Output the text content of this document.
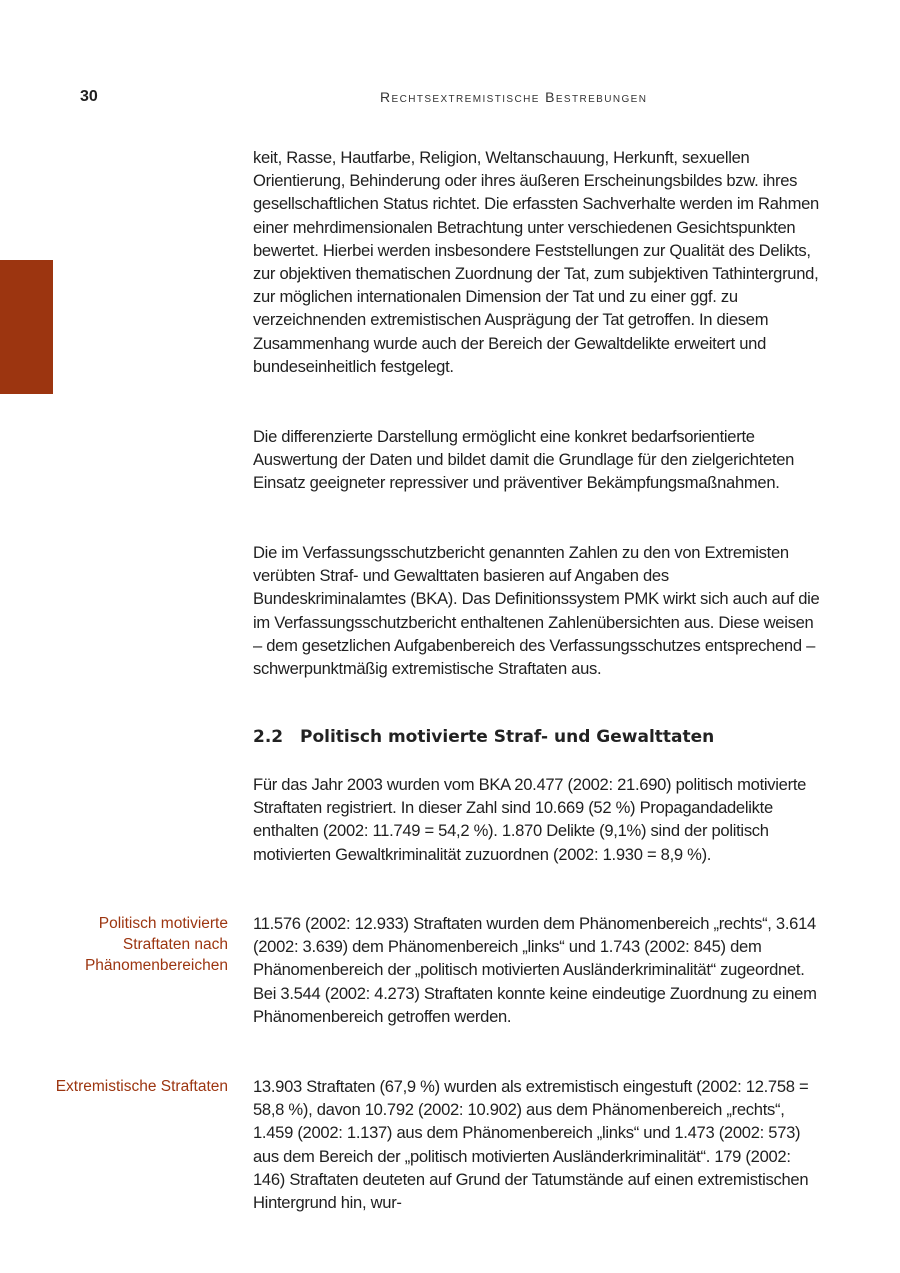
30	Rechtsextremistische Bestrebungen

keit, Rasse, Hautfarbe, Religion, Weltanschauung, Herkunft, sexuellen Orientierung, Behinderung oder ihres äußeren Erscheinungsbildes bzw. ihres gesellschaftlichen Status richtet. Die erfassten Sachverhalte werden im Rahmen einer mehrdimensionalen Betrachtung unter verschiedenen Gesichtspunkten bewertet. Hierbei werden insbesondere Feststellungen zur Qualität des Delikts, zur objektiven thematischen Zuordnung der Tat, zum subjektiven Tathintergrund, zur möglichen internationalen Dimension der Tat und zu einer ggf. zu verzeichnenden extremistischen Ausprägung der Tat getroffen. In diesem Zusammenhang wurde auch der Bereich der Gewaltdelikte erweitert und bundeseinheitlich festgelegt.

Die differenzierte Darstellung ermöglicht eine konkret bedarfsorientierte Auswertung der Daten und bildet damit die Grundlage für den zielgerichteten Einsatz geeigneter repressiver und präventiver Bekämpfungsmaßnahmen.

Die im Verfassungsschutzbericht genannten Zahlen zu den von Extremisten verübten Straf- und Gewalttaten basieren auf Angaben des Bundeskriminalamtes (BKA). Das Definitionssystem PMK wirkt sich auch auf die im Verfassungsschutzbericht enthaltenen Zahlenübersichten aus. Diese weisen – dem gesetzlichen Aufgabenbereich des Verfassungsschutzes entsprechend – schwerpunktmäßig extremistische Straftaten aus.

2.2 Politisch motivierte Straf- und Gewalttaten

Für das Jahr 2003 wurden vom BKA 20.477 (2002: 21.690) politisch motivierte Straftaten registriert. In dieser Zahl sind 10.669 (52 %) Propagandadelikte enthalten (2002: 11.749 = 54,2 %). 1.870 Delikte (9,1%) sind der politisch motivierten Gewaltkriminalität zuzuordnen (2002: 1.930 = 8,9 %).

Politisch motivierte Straftaten nach Phänomenbereichen

11.576 (2002: 12.933) Straftaten wurden dem Phänomenbereich „rechts“, 3.614 (2002: 3.639) dem Phänomenbereich „links“ und 1.743 (2002: 845) dem Phänomenbereich der „politisch motivierten Ausländerkriminalität“ zugeordnet. Bei 3.544 (2002: 4.273) Straftaten konnte keine eindeutige Zuordnung zu einem Phänomenbereich getroffen werden.

Extremistische Straftaten 13.903 Straftaten (67,9 %) wurden als extremistisch eingestuft (2002: 12.758 = 58,8 %), davon 10.792 (2002: 10.902) aus dem Phänomenbereich „rechts“, 1.459 (2002: 1.137) aus dem Phänomenbereich „links“ und 1.473 (2002: 573) aus dem Bereich der „politisch motivierten Ausländerkriminalität“. 179 (2002: 146) Straftaten deuteten auf Grund der Tatumstände auf einen extremistischen Hintergrund hin, wur-
